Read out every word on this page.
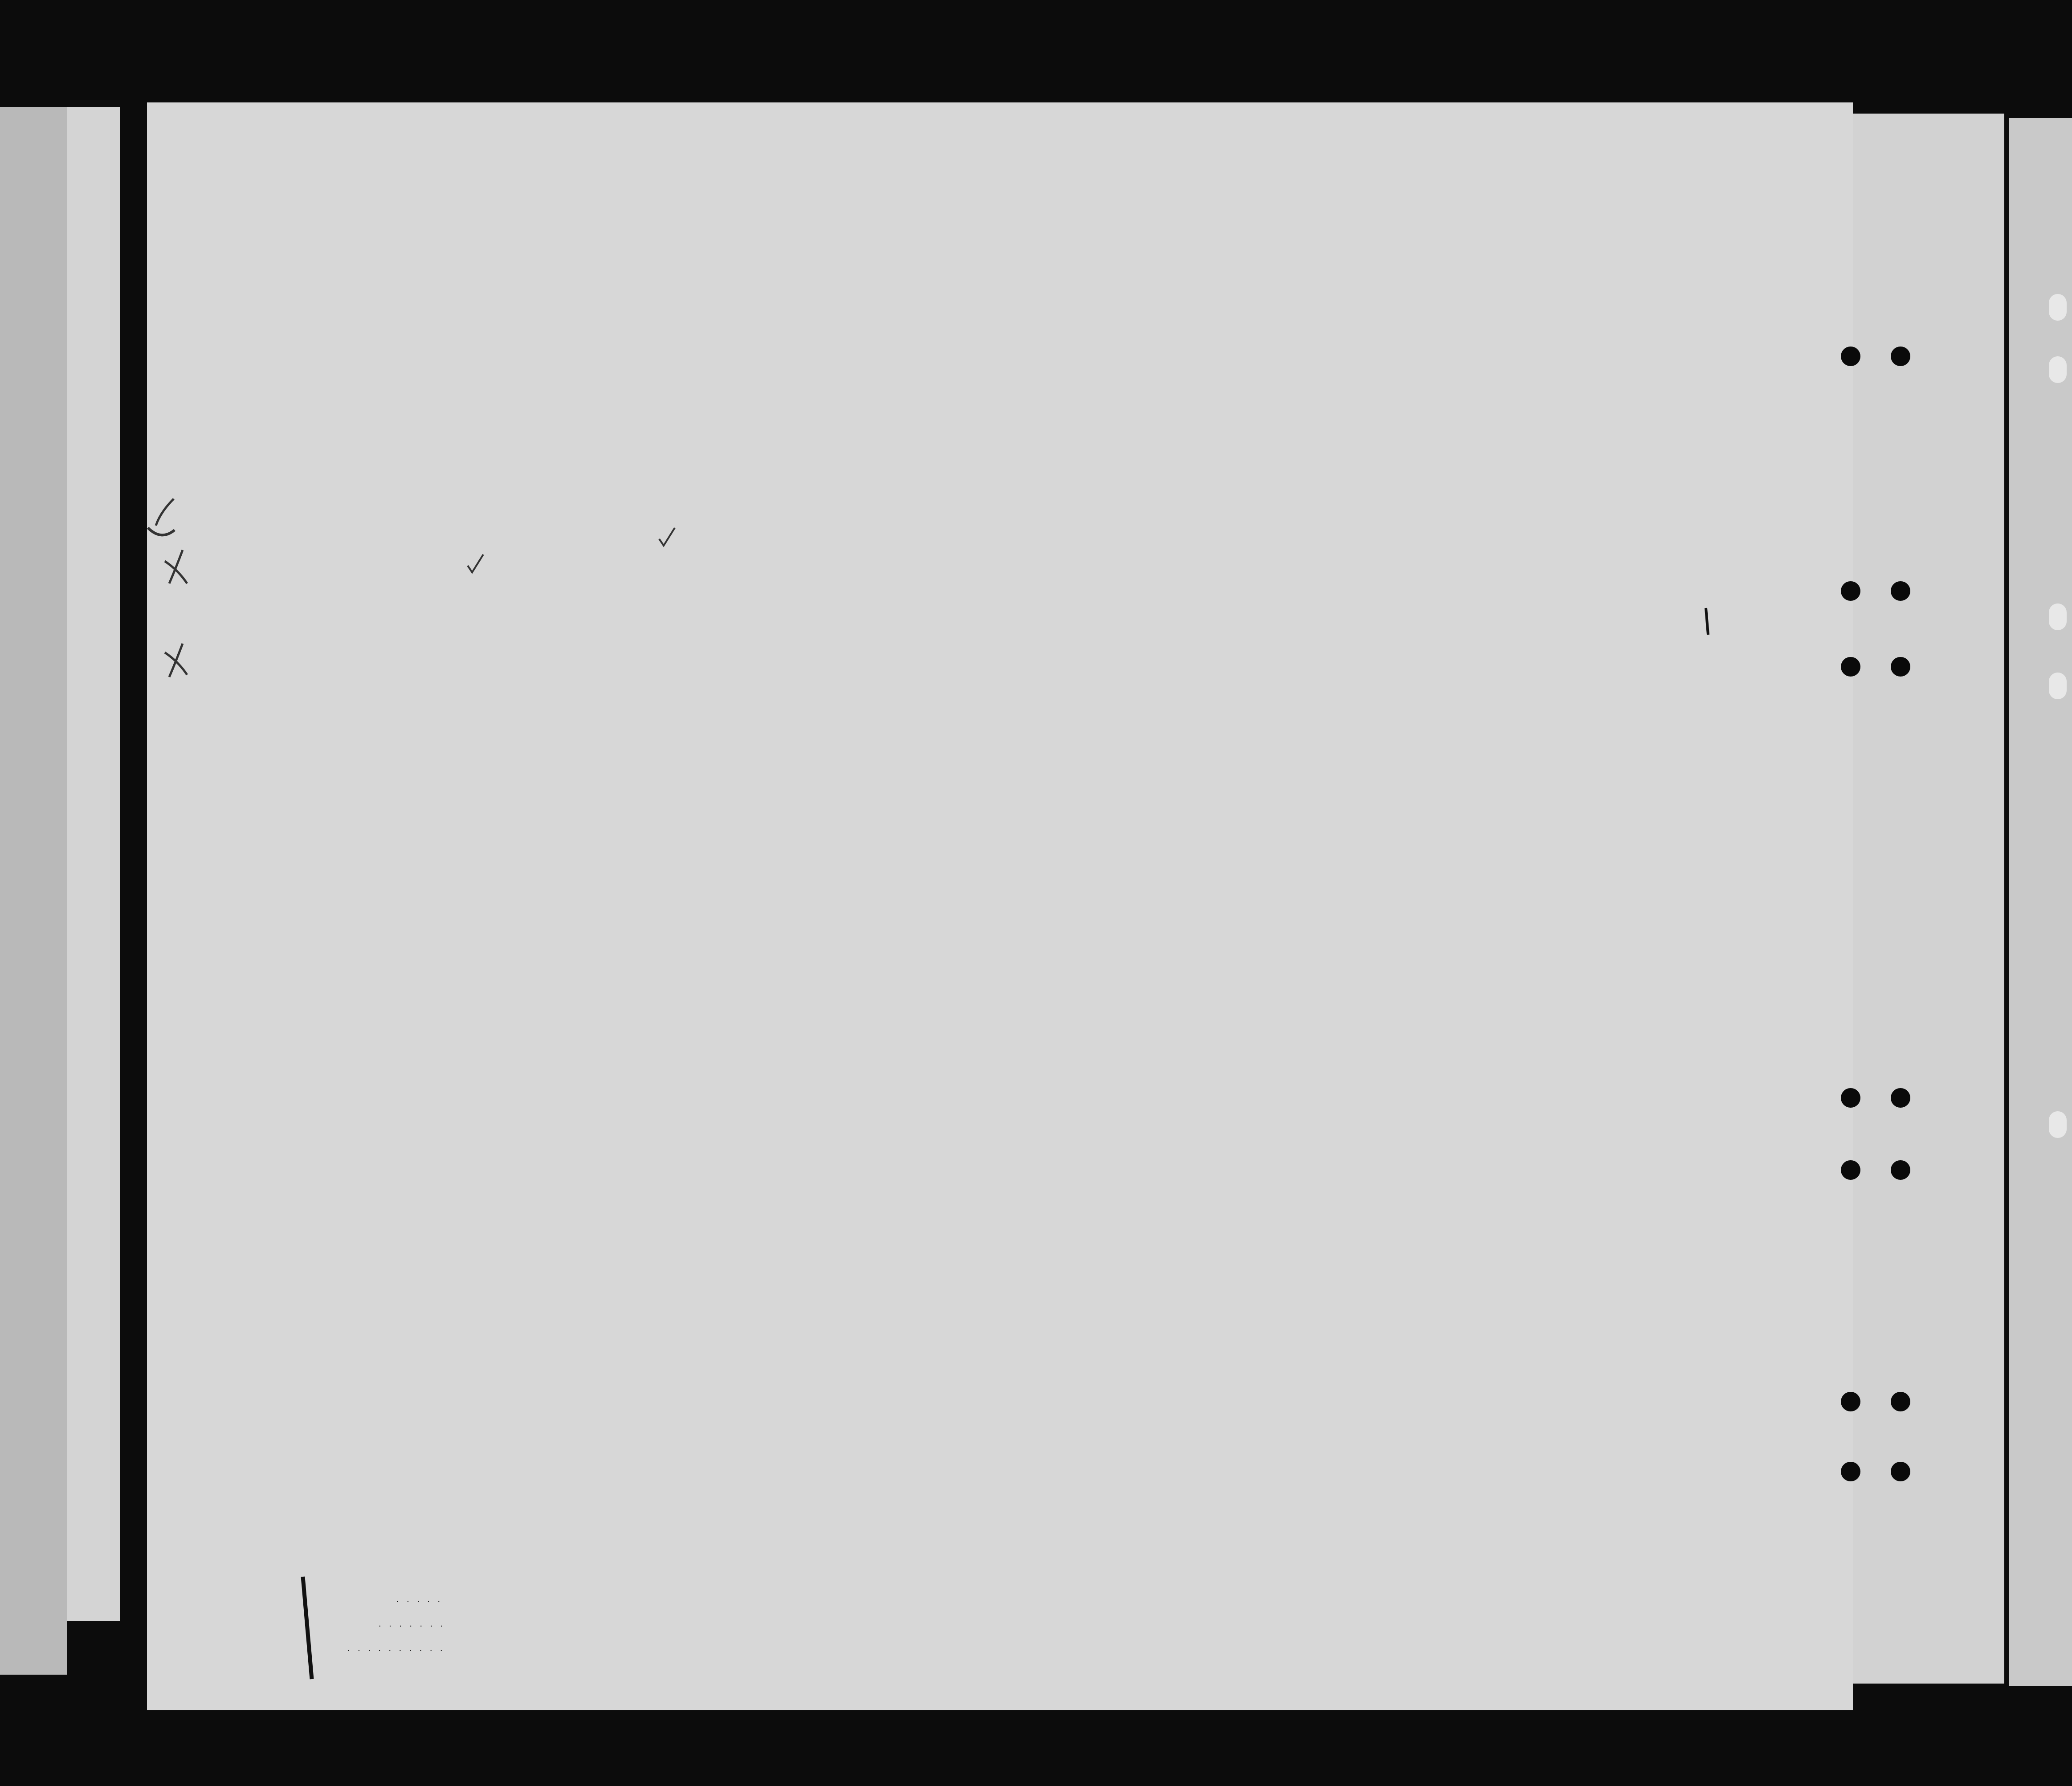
. . . . .
. . . . . . .
. . . . . . . . . .
